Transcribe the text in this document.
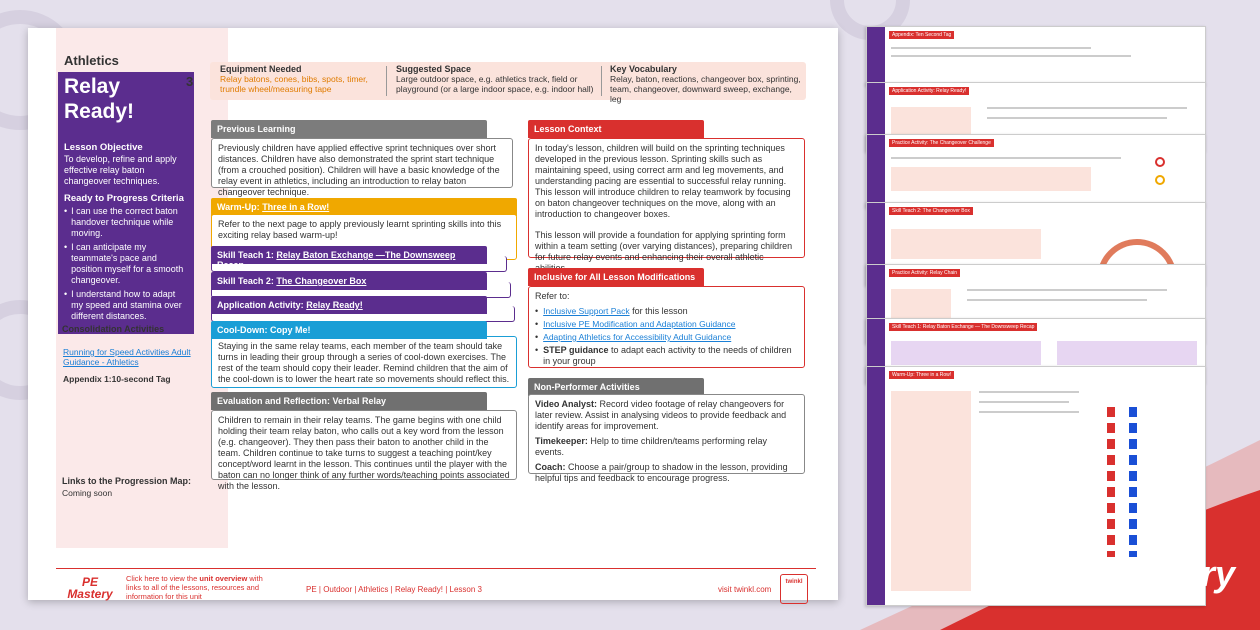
Appendix: Ten Second Tag
Application Activity: Relay Ready!
Practice Activity: The Changeover Challenge
Skill Teach 2: The Changeover Box
Practice Activity: Relay Chain
Skill Teach 1: Relay Baton Exchange — The Downsweep Recap
Warm-Up: Three in a Row!
PE
Mastery
Athletics
Relay
Ready!
3
Lesson Objective
To develop, refine and apply effective relay baton changeover techniques.
Ready to Progress Criteria
• I can use the correct baton handover technique while moving.
• I can anticipate my teammate's pace and position myself for a smooth changeover.
• I understand how to adapt my speed and stamina over different distances.
Consolidation Activities
Running for Speed Activities Adult Guidance - Athletics
Appendix 1:10-second Tag
Links to the Progression Map:
Coming soon
Equipment Needed
Relay batons, cones, bibs, spots, timer, trundle wheel/measuring tape
Suggested Space
Large outdoor space, e.g. athletics track, field or playground (or a large indoor space, e.g. indoor hall)
Key Vocabulary
Relay, baton, reactions, changeover box, sprinting, team, changeover, downward sweep, exchange, leg
Previous Learning
Previously children have applied effective sprint techniques over short distances. Children have also demonstrated the sprint start technique (from a crouched position). Children will have a basic knowledge of the relay event in athletics, including an introduction to relay baton changeover technique.
Warm-Up: Three in a Row!
Refer to the next page to apply previously learnt sprinting skills into this exciting relay based warm-up!
Skill Teach 1: Relay Baton Exchange —The Downsweep Recap
Skill Teach 2: The Changeover Box
Application Activity: Relay Ready!
Cool-Down: Copy Me!
Staying in the same relay teams, each member of the team should take turns in leading their group through a series of cool-down exercises. The rest of the team should copy their leader. Remind children that the aim of the cool-down is to lower the heart rate so movements should reflect this.
Evaluation and Reflection: Verbal Relay
Children to remain in their relay teams. The game begins with one child holding their team relay baton, who calls out a key word from the lesson (e.g. changeover). They then pass their baton to another child in the team. Children continue to take turns to suggest a teaching point/key concept/word learnt in the lesson. This continues until the player with the baton can no longer think of any further words/teaching points associated with the lesson.
Lesson Context
In today's lesson, children will build on the sprinting techniques developed in the previous lesson. Sprinting skills such as maintaining speed, using correct arm and leg movements, and understanding pacing are essential to successful relay running. This lesson will introduce children to relay teamwork by focusing on baton changeover techniques on the move, along with an introduction to changeover boxes.
This lesson will provide a foundation for applying sprinting form within a team setting (over varying distances), preparing children for future relay events and enhancing their overall athletic
Inclusive for All Lesson Modifications
Refer to:
• Inclusive Support Pack for this lesson
• Inclusive PE Modification and Adaptation Guidance
• Adapting Athletics for Accessibility Adult Guidance
• STEP guidance to adapt each activity to the needs of children in your group
Non-Performer Activities
Video Analyst: Record video footage of relay changeovers for later review. Assist in analysing videos to provide feedback and identify areas for improvement.
Timekeeper: Help to time children/teams performing relay events.
Coach: Choose a pair/group to shadow in the lesson, providing helpful tips and feedback to encourage progress.
PE
Mastery
Click here to view the unit overview with links to all of the lessons, resources and information for this unit
PE | Outdoor | Athletics | Relay Ready! | Lesson 3	visit twinkl.com
twinkl
